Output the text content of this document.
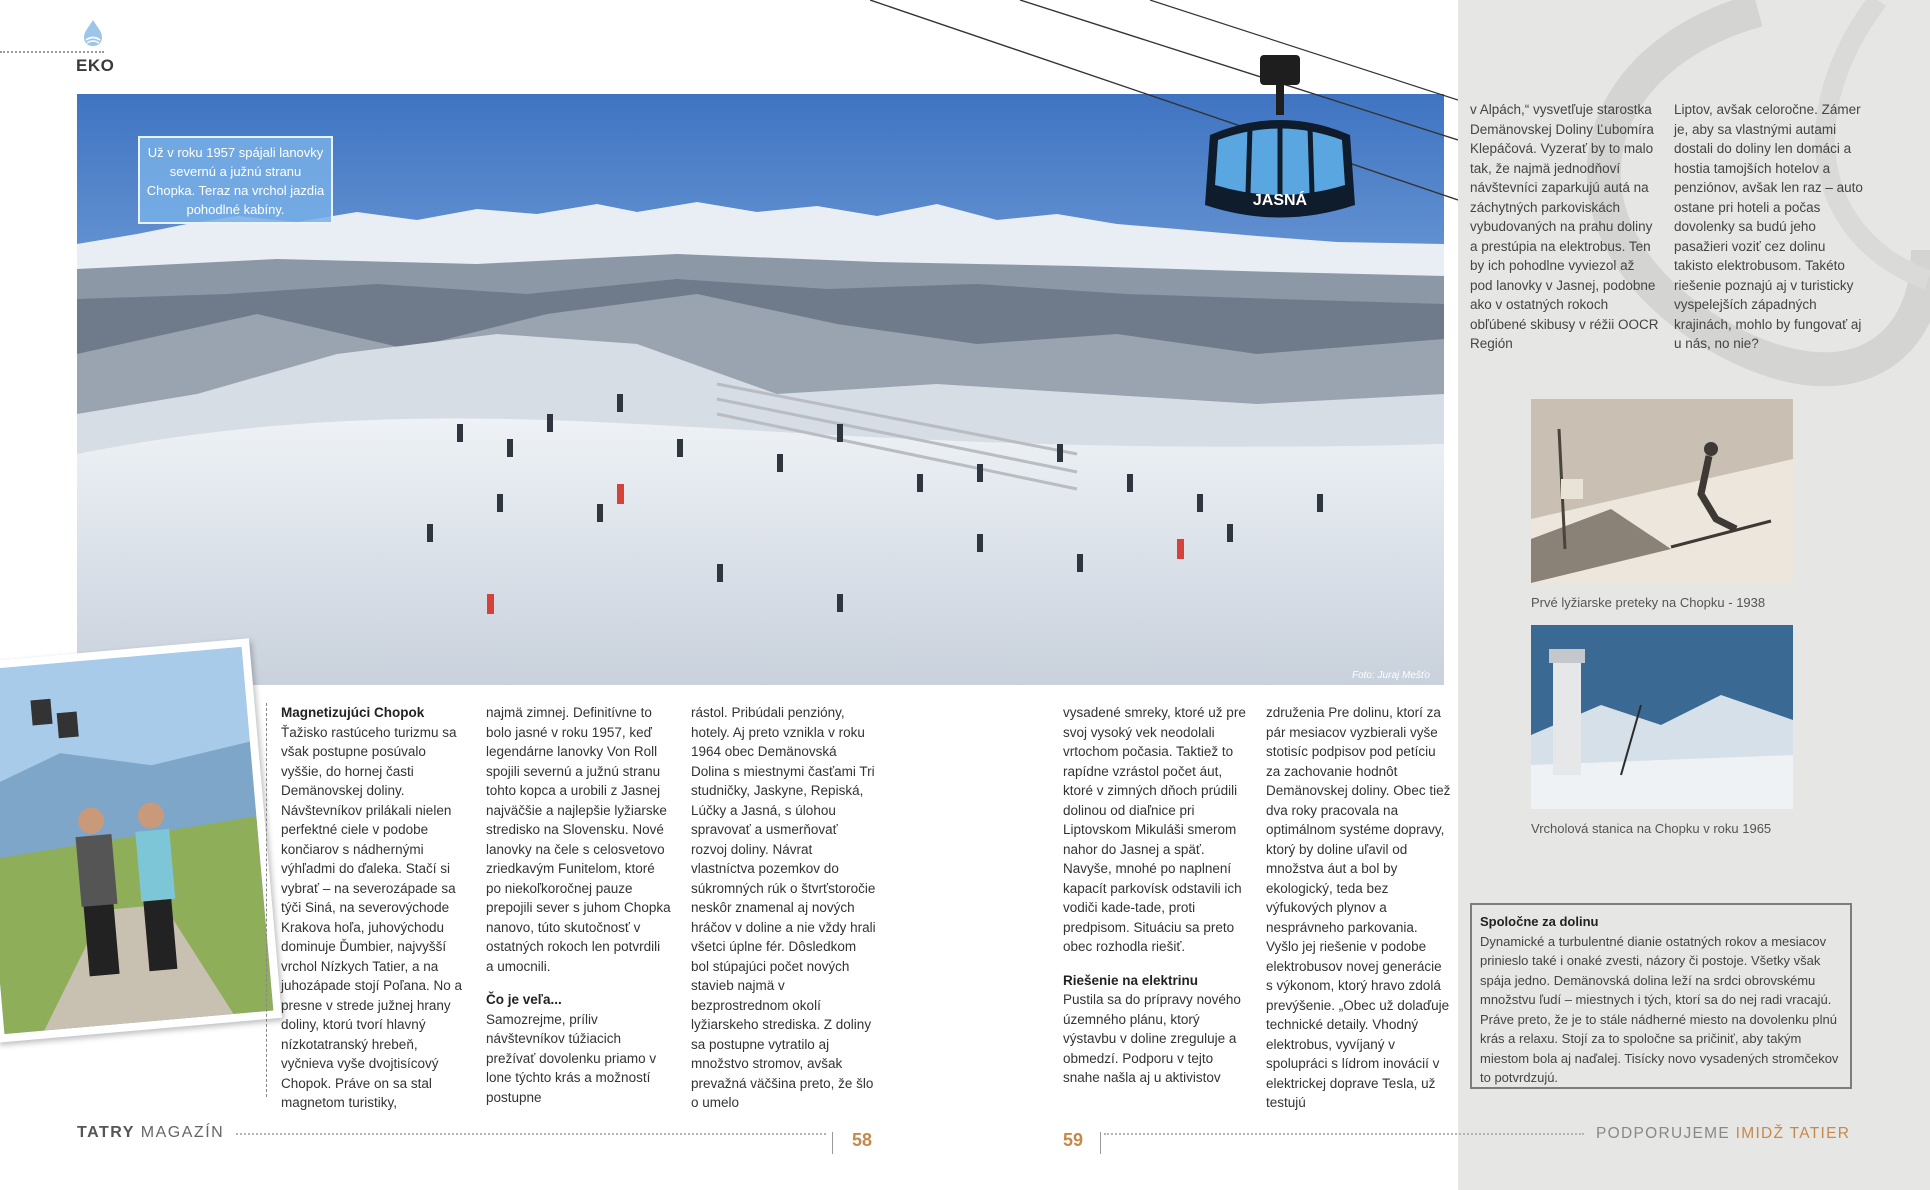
EKO
Už v roku 1957 spájali lanovky severnú a južnú stranu Chopka. Teraz na vrchol jazdia pohodlné kabíny.
Foto: Juraj Mešťo
JASNÁ

Magnetizujúci Chopok

Ťažisko rastúceho turizmu sa však postupne posúvalo vyššie, do hornej časti Demänovskej doliny. Návštevníkov prilákali nielen perfektné ciele v podobe končiarov s nádhernými výhľadmi do ďaleka. Stačí si vybrať – na severozápade sa týči Siná, na severovýchode Krakova hoľa, juhovýchodu dominuje Ďumbier, najvyšší vrchol Nízkych Tatier, a na juhozápade stojí Poľana. No a presne v strede južnej hrany doliny, ktorú tvorí hlavný nízkotatranský hrebeň, vyčnieva vyše dvojtisícový Chopok. Práve on sa stal magnetom turistiky,

najmä zimnej. Definitívne to bolo jasné v roku 1957, keď legendárne lanovky Von Roll spojili severnú a južnú stranu tohto kopca a urobili z Jasnej najväčšie a najlepšie lyžiarske stredisko na Slovensku. Nové lanovky na čele s celosvetovo zriedkavým Funitelom, ktoré po niekoľkoročnej pauze prepojili sever s juhom Chopka nanovo, túto skutočnosť v ostatných rokoch len potvrdili a umocnili.

Čo je veľa...

Samozrejme, príliv návštevníkov túžiacich prežívať dovolenku priamo v lone týchto krás a možností postupne

rástol. Pribúdali penzióny, hotely. Aj preto vznikla v roku 1964 obec Demänovská Dolina s miestnymi časťami Tri studničky, Jaskyne, Repiská, Lúčky a Jasná, s úlohou spravovať a usmerňovať rozvoj doliny. Návrat vlastníctva pozemkov do súkromných rúk o štvrťstoročie neskôr znamenal aj nových hráčov v doline a nie vždy hrali všetci úplne fér. Dôsledkom bol stúpajúci počet nových stavieb najmä v bezprostrednom okolí lyžiarskeho strediska. Z doliny sa postupne vytratilo aj množstvo stromov, avšak prevažná väčšina preto, že šlo o umelo

vysadené smreky, ktoré už pre svoj vysoký vek neodolali vrtochom počasia. Taktiež to rapídne vzrástol počet áut, ktoré v zimných dňoch prúdili dolinou od diaľnice pri Liptovskom Mikuláši smerom nahor do Jasnej a späť. Navyše, mnohé po naplnení kapacít parkovísk odstavili ich vodiči kade-tade, proti predpisom. Situáciu sa preto obec rozhodla riešiť.

Riešenie na elektrinu

Pustila sa do prípravy nového územného plánu, ktorý výstavbu v doline zreguluje a obmedzí. Podporu v tejto snahe našla aj u aktivistov

združenia Pre dolinu, ktorí za pár mesiacov vyzbierali vyše stotisíc podpisov pod petíciu za zachovanie hodnôt Demänovskej doliny. Obec tiež dva roky pracovala na optimálnom systéme dopravy, ktorý by doline uľavil od množstva áut a bol by ekologický, teda bez výfukových plynov a nesprávneho parkovania. Vyšlo jej riešenie v podobe elektrobusov novej generácie s výkonom, ktorý hravo zdolá prevýšenie. „Obec už dolaďuje technické detaily. Vhodný elektrobus, vyvíjaný v spolupráci s lídrom inovácií v elektrickej doprave Tesla, už testujú

v Alpách,“ vysvetľuje starostka Demänovskej Doliny Ľubomíra Klepáčová. Vyzerať by to malo tak, že najmä jednodňoví návštevníci zaparkujú autá na záchytných parkoviskách vybudovaných na prahu doliny a prestúpia na elektrobus. Ten by ich pohodlne vyviezol až pod lanovky v Jasnej, podobne ako v ostatných rokoch obľúbené skibusy v réžii OOCR Región
Liptov, avšak celoročne. Zámer je, aby sa vlastnými autami dostali do doliny len domáci a hostia tamojších hotelov a penziónov, avšak len raz – auto ostane pri hoteli a počas dovolenky sa budú jeho pasažieri voziť cez dolinu takisto elektrobusom. Takéto riešenie poznajú aj v turisticky vyspelejších západných krajinách, mohlo by fungovať aj u nás, no nie?
Prvé lyžiarske preteky na Chopku - 1938
Vrcholová stanica na Chopku v roku 1965
Spoločne za dolinu
Dynamické a turbulentné dianie ostatných rokov a mesiacov prinieslo také i onaké zvesti, názory či postoje. Všetky však spája jedno. Demänovská dolina leží na srdci obrovskému množstvu ľudí – miestnych i tých, ktorí sa do nej radi vracajú. Práve preto, že je to stále nádherné miesto na dovolenku plnú krás a relaxu. Stojí za to spoločne sa pričiniť, aby takým miestom bola aj naďalej. Tisícky novo vysadených stromčekov to potvrdzujú.
TATRY MAGAZÍN	58	59	PODPORUJEME IMIDŽ TATIER
